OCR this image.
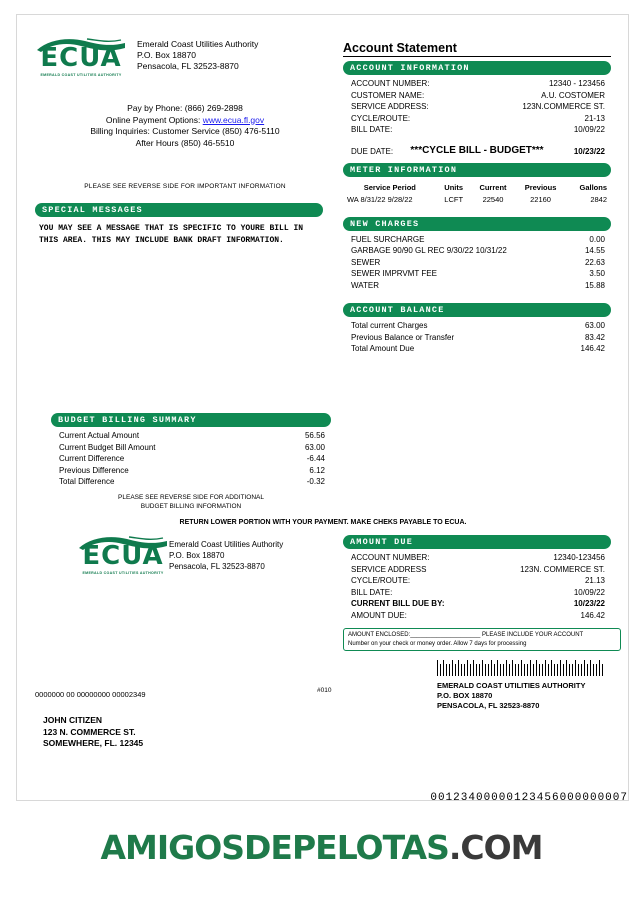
ECUA
EMERALD COAST UTILITIES AUTHORITY
Emerald Coast Utilities Authority
P.O. Box 18870
Pensacola, FL 32523-8870
Pay by Phone: (866) 269-2898
Online Payment Options: www.ecua.fl.gov
Billing Inquiries: Customer Service (850) 476-5110
After Hours (850) 46-5510
PLEASE SEE REVERSE SIDE FOR IMPORTANT INFORMATION
SPECIAL MESSAGES
YOU MAY SEE A MESSAGE THAT IS SPECIFIC TO YOURE BILL IN THIS AREA. THIS MAY INCLUDE BANK DRAFT INFORMATION.
Account Statement
ACCOUNT INFORMATION
ACCOUNT NUMBER:	12340 - 123456
CUSTOMER NAME:	A.U. COSTOMER
SERVICE ADDRESS:	123N.COMMERCE ST.
CYCLE/ROUTE:	21-13
BILL DATE:	10/09/22
DUE DATE:	10/23/22
***CYCLE BILL - BUDGET***
METER INFORMATION
Service Period	Units	Current	Previous	Gallons
WA 8/31/22 9/28/22	LCFT	22540	22160	2842
NEW CHARGES
FUEL SURCHARGE	0.00
GARBAGE 90/90 GL REC 9/30/22 10/31/22	14.55
SEWER	22.63
SEWER IMPRVMT FEE	3.50
WATER	15.88
ACCOUNT BALANCE
Total current Charges	63.00
Previous Balance or Transfer	83.42
Total Amount Due	146.42
BUDGET BILLING SUMMARY
Current Actual Amount	56.56
Current Budget Bill Amount	63.00
Current Difference	-6.44
Previous Difference	6.12
Total Difference	-0.32
PLEASE SEE REVERSE SIDE FOR ADDITIONAL
BUDGET BILLING INFORMATION
RETURN LOWER PORTION WITH YOUR PAYMENT. MAKE CHEKS PAYABLE TO ECUA.
ECUA
EMERALD COAST UTILITIES AUTHORITY
Emerald Coast Utilities Authority
P.O. Box 18870
Pensacola, FL 32523-8870
AMOUNT DUE
ACCOUNT NUMBER:	12340-123456
SERVICE ADDRESS	123N. COMMERCE ST.
CYCLE/ROUTE:	21.13
BILL DATE:	10/09/22
CURRENT BILL DUE BY:	10/23/22
AMOUNT DUE:	146.42
AMOUNT ENCLOSED:_____________________ PLEASE INCLUDE YOUR ACCOUNT
Number on your check or money order. Allow 7 days for processing
EMERALD COAST UTILITIES AUTHORITY
P.O. BOX 18870
PENSACOLA, FL 32523-8870
0000000 00 00000000 00002349	#010
JOHN CITIZEN
123 N. COMMERCE ST.
SOMEWHERE, FL. 12345
00123400000123456000000007
AMIGOSDEPELOTAS.COM
